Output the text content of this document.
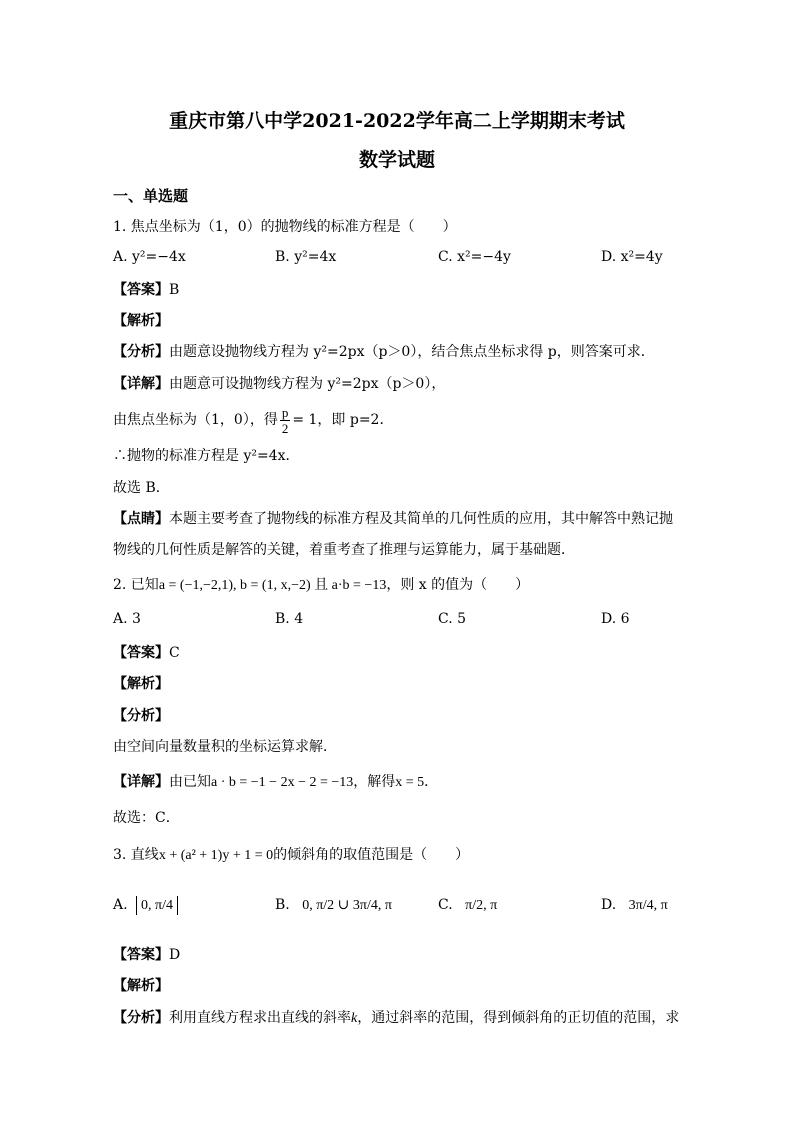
重庆市第八中学2021-2022学年高二上学期期末考试
数学试题
一、单选题
1. 焦点坐标为（1，0）的抛物线的标准方程是（　　）
A. y²=−4x	B. y²=4x	C. x²=−4y	D. x²=4y
【答案】B
【解析】
【分析】由题意设抛物线方程为 y²=2px（p＞0），结合焦点坐标求得 p，则答案可求．
【详解】由题意可设抛物线方程为 y²=2px（p＞0），
由焦点坐标为（1，0），得 $\frac{p}{2} = 1$，即 p=2．
∴抛物的标准方程是 y²=4x．
故选 B．
【点睛】本题主要考查了抛物线的标准方程及其简单的几何性质的应用，其中解答中熟记抛
物线的几何性质是解答的关键，着重考查了推理与运算能力，属于基础题．
2. 已知a = (−1,−2,1), b = (1, x,−2) 且 a·b = −13，则 x 的值为（　　）
A. 3	B. 4	C. 5	D. 6
【答案】C
【解析】
【分析】
由空间向量数量积的坐标运算求解．
【详解】由已知a · b = −1 − 2x − 2 = −13，解得x = 5．
故选：C．
3. 直线x + (a² + 1)y + 1 = 0的倾斜角的取值范围是（　　）
A. 0, π/4	B. 0, π/2 ∪ 3π/4, π	C. π/2, π	D. 3π/4, π
【答案】D
【解析】
【分析】利用直线方程求出直线的斜率k，通过斜率的范围，得到倾斜角的正切值的范围，求
